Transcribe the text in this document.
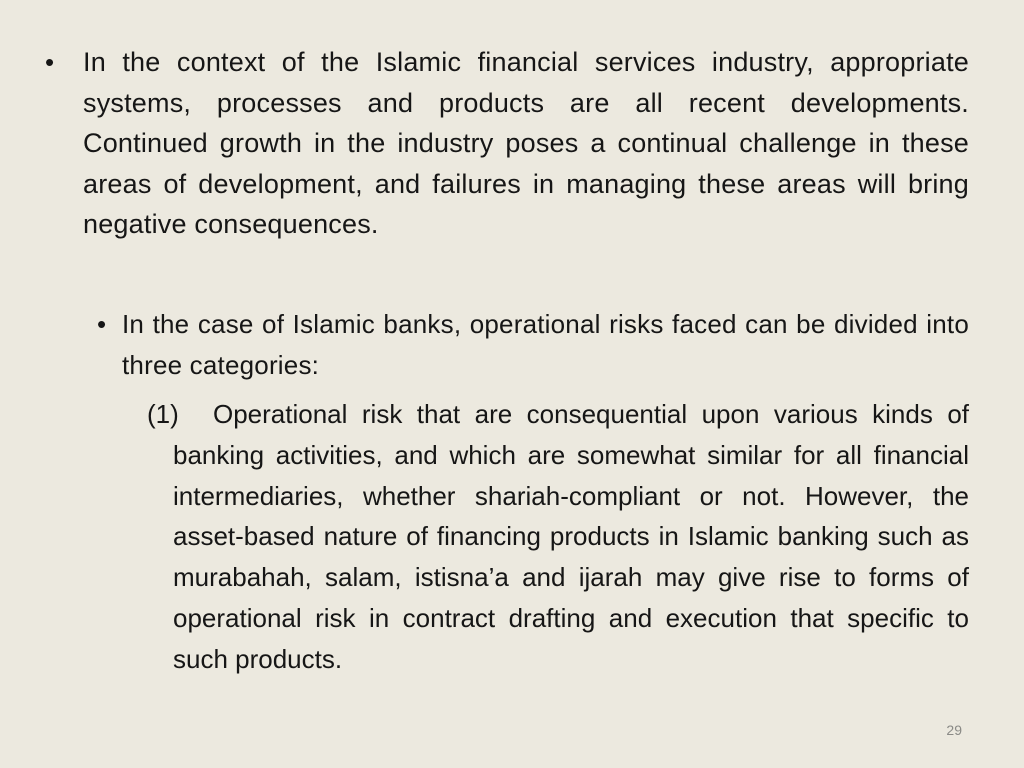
• In the context of the Islamic financial services industry, appropriate systems, processes and products are all recent developments. Continued growth in the industry poses a continual challenge in these areas of development, and failures in managing these areas will bring negative consequences.
• In the case of Islamic banks, operational risks faced can be divided into three categories:
(1) Operational risk that are consequential upon various kinds of banking activities, and which are somewhat similar for all financial intermediaries, whether shariah-compliant or not. However, the asset-based nature of financing products in Islamic banking such as murabahah, salam, istisna’a and ijarah may give rise to forms of operational risk in contract drafting and execution that specific to such products.
29
